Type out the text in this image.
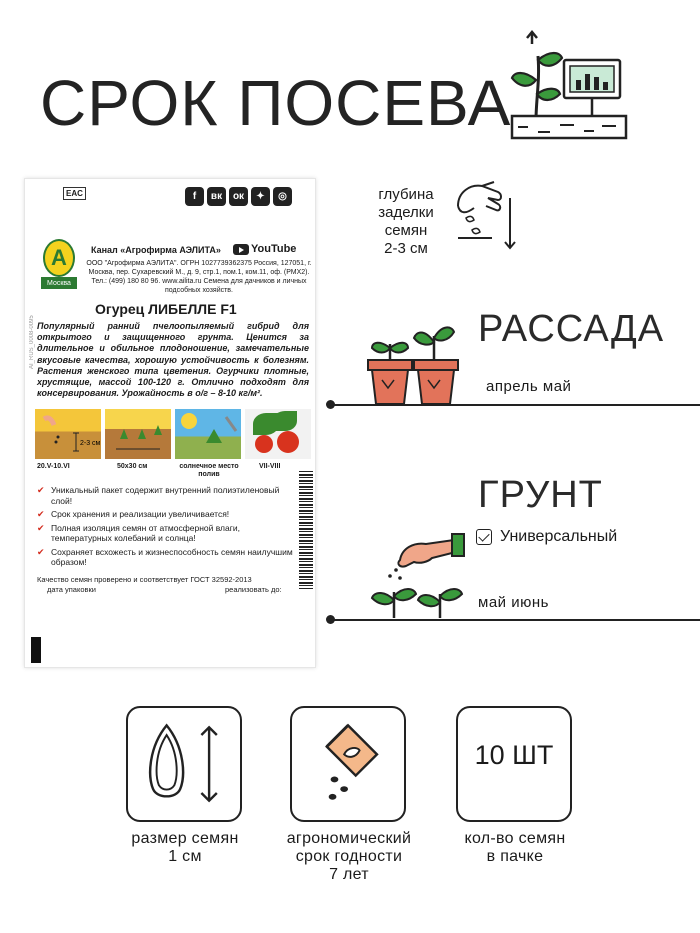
СРОК ПОСЕВА
AI_RUS_0008-0095
EAC	f	вк	ок	✦	◎
А
Москва
Канал «Агрофирма АЭЛИТА»	YouTube
ООО "Агрофирма АЭЛИТА". ОГРН 1027739362375 Россия, 127051, г. Москва, пер. Сухаревский М., д. 9, стр.1, пом.1, ком.11, оф. (РМХ2). Тел.: (499) 180 80 96. www.ailita.ru Семена для дачников и личных подсобных хозяйств.
Огурец ЛИБЕЛЛЕ F1
Популярный ранний пчелоопыляемый гибрид для открытого и защищенного грунта. Ценится за длительное и обильное плодоношение, замечательные вкусовые качества, хорошую устойчивость к болезням. Растения женского типа цветения. Огурчики плотные, хрустящие, массой 100-120 г. Отлично подходят для консервирования. Урожайность в о/г – 8-10 кг/м².
2-3 см
20.V-10.VI	50x30 см	солнечное место полив
VII-VIII
✔ Уникальный пакет содержит внутренний полиэтиленовый слой!
✔ Срок хранения и реализации увеличивается!
✔ Полная изоляция семян от атмосферной влаги, температурных колебаний и солнца!
✔ Сохраняет всхожесть и жизнеспособность семян наилучшим образом!
Качество семян проверено и соответствует ГОСТ 32592-2013
дата упаковки	реализовать до:
глубина
заделки
семян
2-3 см
РАССАДА
апрель май
ГРУНТ
Универсальный
май июнь
10 ШТ
размер семян
1 см
агрономический
срок годности
7 лет
кол-во семян
в пачке
